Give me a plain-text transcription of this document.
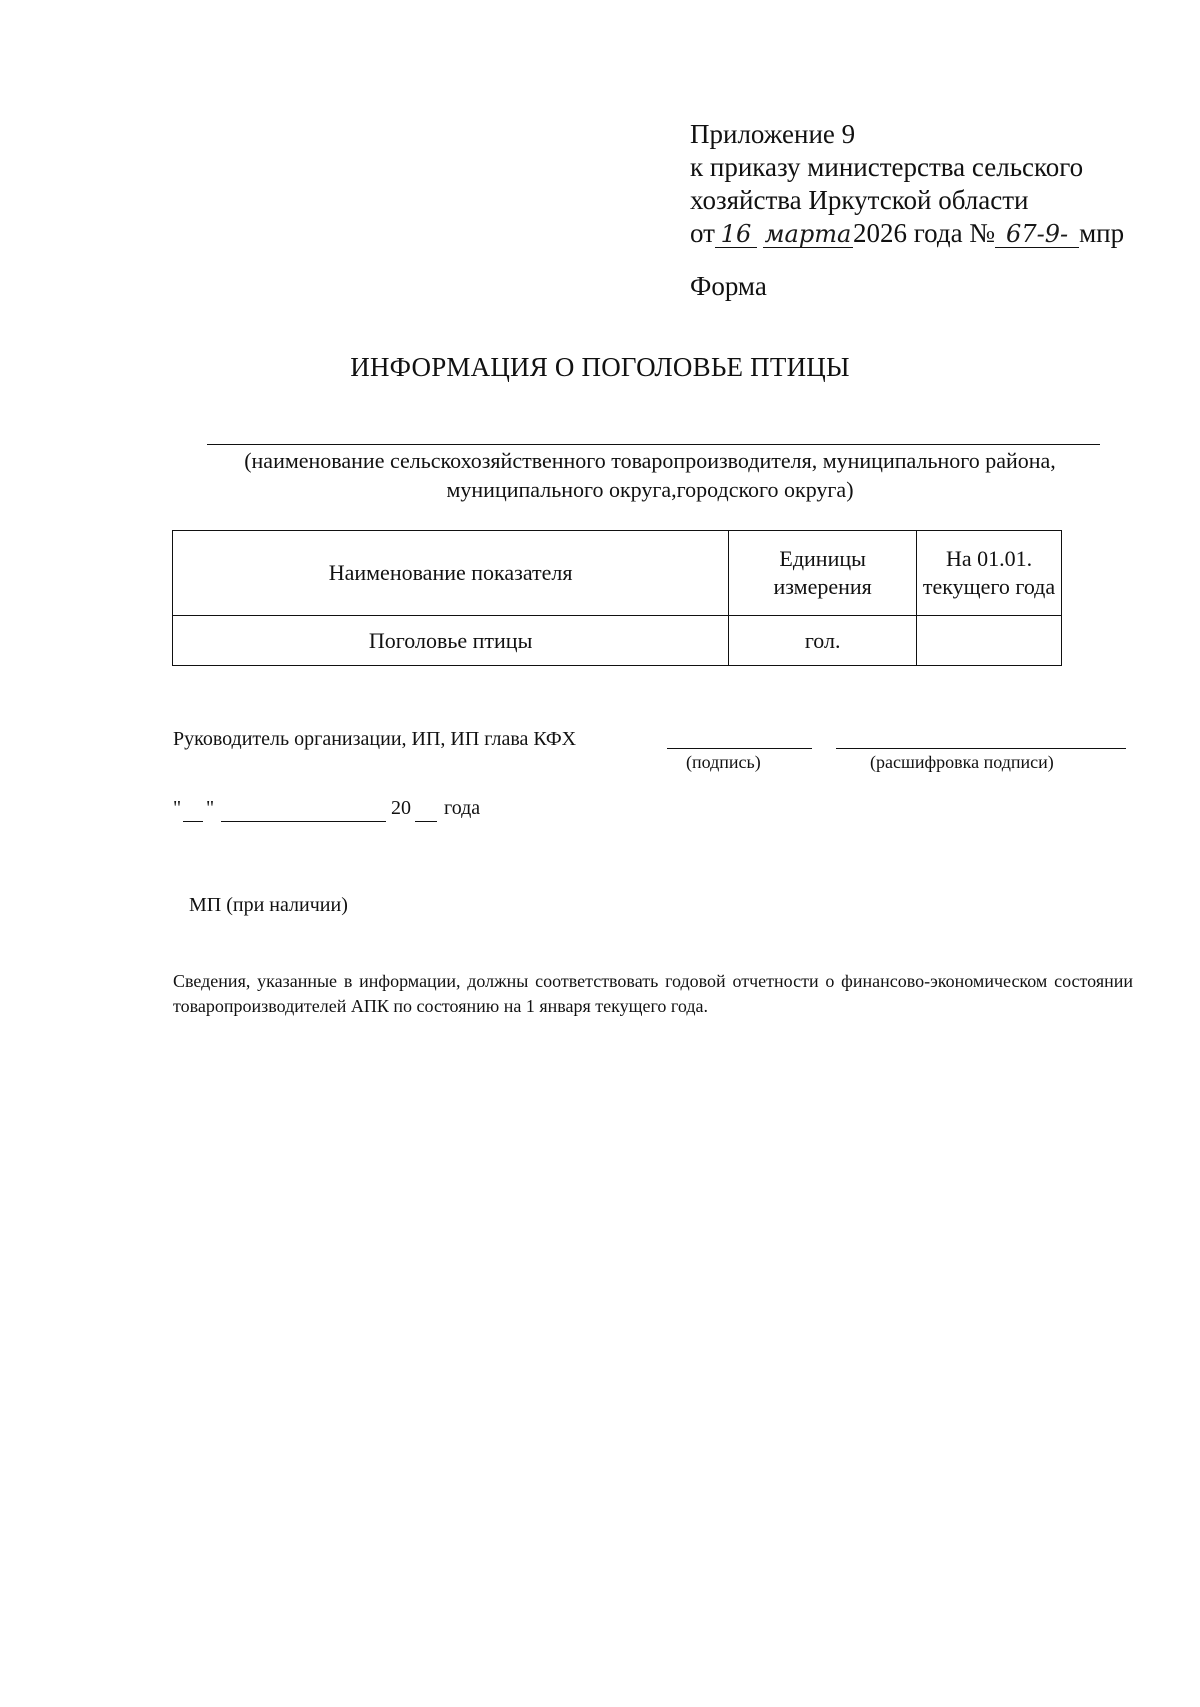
Приложение 9
к приказу министерства сельского
хозяйства Иркутской области
от 16 марта2026 года № 67-9- мпр
Форма
ИНФОРМАЦИЯ О ПОГОЛОВЬЕ ПТИЦЫ
(наименование сельскохозяйственного товаропроизводителя, муниципального района, муниципального округа,городского округа)
Наименование показателя	Единицы измерения	На 01.01. текущего года
Поголовье птицы	гол.	
Руководитель организации, ИП, ИП глава КФХ
(подпись)	(расшифровка подписи)
" "	20 года
МП (при наличии)
Сведения, указанные в информации, должны соответствовать годовой отчетности о финансово-экономическом состоянии товаропроизводителей АПК по состоянию на 1 января текущего года.
